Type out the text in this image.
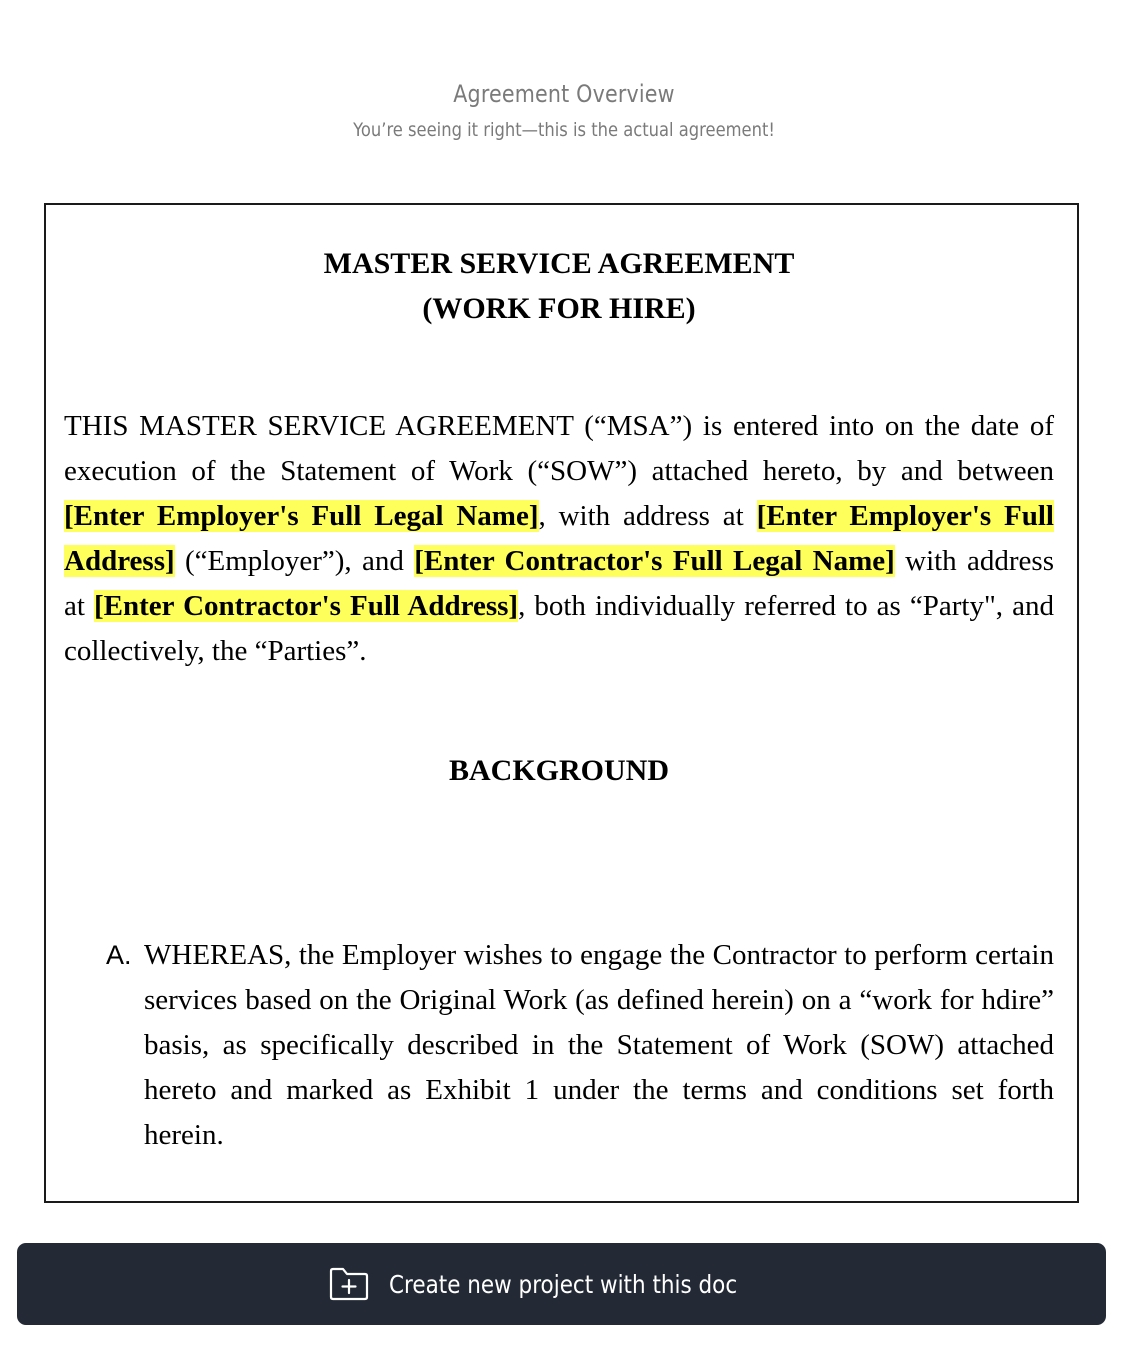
Agreement Overview
You’re seeing it right—this is the actual agreement!
MASTER SERVICE AGREEMENT
(WORK FOR HIRE)

THIS MASTER SERVICE AGREEMENT (“MSA”) is entered into on the date of execution of the Statement of Work (“SOW”) attached hereto, by and between [Enter Employer's Full Legal Name], with address at [Enter Employer's Full Address] (“Employer”), and [Enter Contractor's Full Legal Name] with address at [Enter Contractor's Full Address], both individually referred to as “Party", and collectively, the “Parties”.

BACKGROUND
A. WHEREAS, the Employer wishes to engage the Contractor to perform certain services based on the Original Work (as defined herein) on a “work for hdire” basis, as specifically described in the Statement of Work (SOW) attached hereto and marked as Exhibit 1 under the terms and conditions set forth herein.
Create new project with this doc
